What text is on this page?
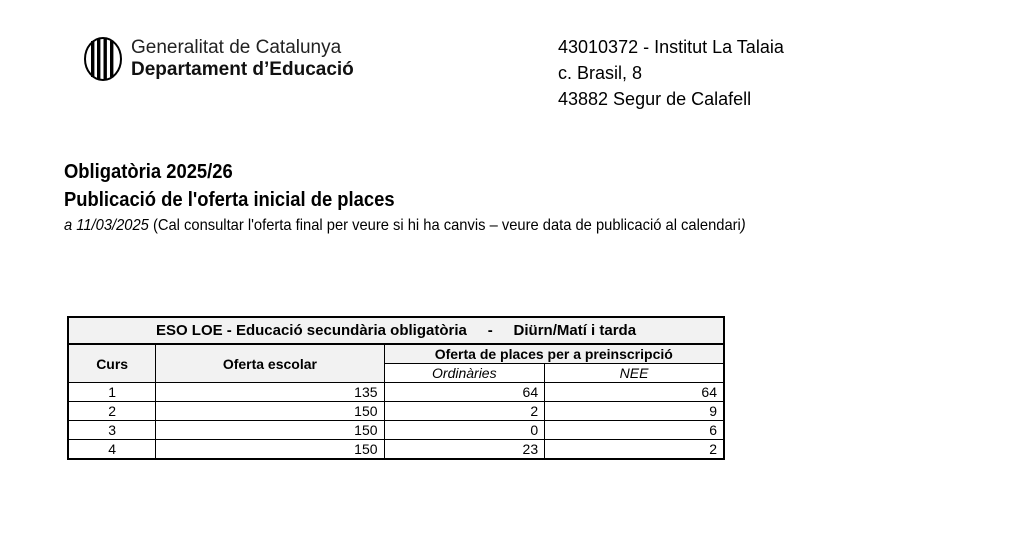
Generalitat de Catalunya
Departament d’Educació
43010372 - Institut La Talaia
c. Brasil, 8
43882 Segur de Calafell
Obligatòria 2025/26
Publicació de l'oferta inicial de places
a 11/03/2025 (Cal consultar l'oferta final per veure si hi ha canvis – veure data de publicació al calendari)
ESO LOE - Educació secundària obligatòria - Diürn/Matí i tarda			
Curs	Oferta escolar	Oferta de places per a preinscripció	
		Ordinàries	NEE
1	135	64	64
2	150	2	9
3	150	0	6
4	150	23	2
